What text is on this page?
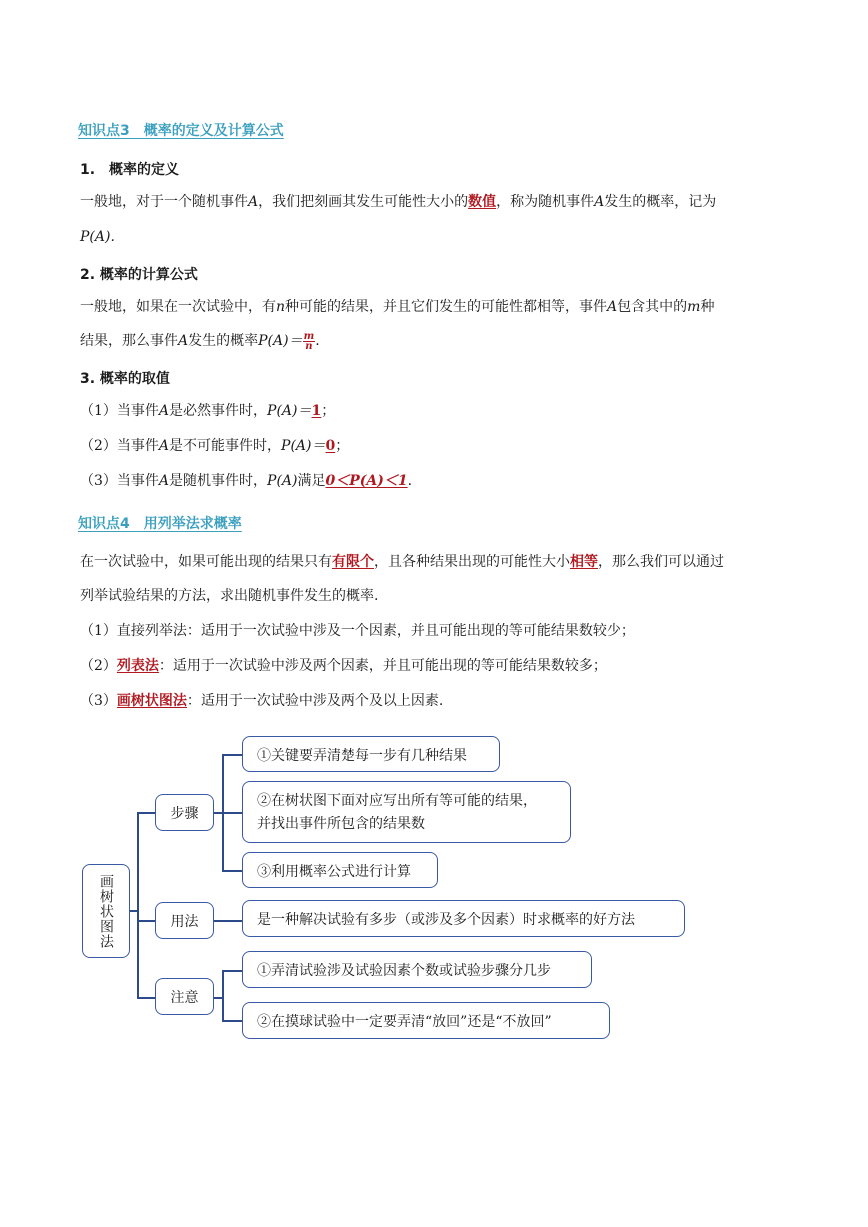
知识点3　概率的定义及计算公式
1.　概率的定义
一般地，对于一个随机事件A，我们把刻画其发生可能性大小的数值，称为随机事件A发生的概率，记为
P(A).
2. 概率的计算公式
一般地，如果在一次试验中，有n种可能的结果，并且它们发生的可能性都相等，事件A包含其中的m种
结果，那么事件A发生的概率$P(A)= \frac{m}{n}$ .
3. 概率的取值
（1）当事件A是必然事件时，P(A)＝1；
（2）当事件A是不可能事件时，P(A)＝0；
（3）当事件A是随机事件时，P(A)满足0＜P(A)＜1.
知识点4　用列举法求概率
在一次试验中，如果可能出现的结果只有有限个，且各种结果出现的可能性大小相等，那么我们可以通过
列举试验结果的方法，求出随机事件发生的概率.
（1）直接列举法：适用于一次试验中涉及一个因素，并且可能出现的等可能结果数较少；
（2）列表法：适用于一次试验中涉及两个因素，并且可能出现的等可能结果数较多；
（3）画树状图法：适用于一次试验中涉及两个及以上因素.
画树状图法
步骤
用法
注意
①关键要弄清楚每一步有几种结果
②在树状图下面对应写出所有等可能的结果，
并找出事件所包含的结果数
③利用概率公式进行计算
是一种解决试验有多步（或涉及多个因素）时求概率的好方法
①弄清试验涉及试验因素个数或试验步骤分几步
②在摸球试验中一定要弄清“放回”还是“不放回”
